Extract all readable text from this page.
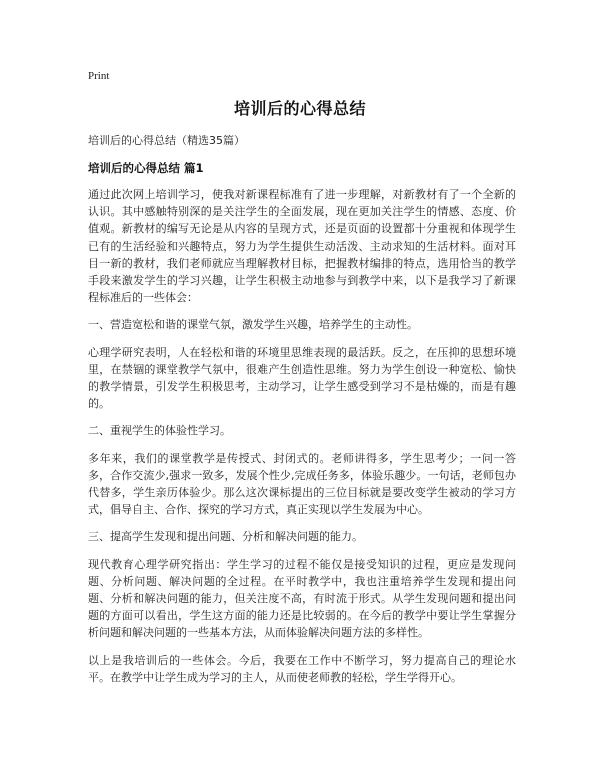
Print
培训后的心得总结

培训后的心得总结（精选35篇）

培训后的心得总结 篇1

通过此次网上培训学习，使我对新课程标准有了进一步理解，对新教材有了一个全新的认识。其中感触特别深的是关注学生的全面发展，现在更加关注学生的情感、态度、价值观。新教材的编写无论是从内容的呈现方式，还是页面的设置都十分重视和体现学生已有的生活经验和兴趣特点，努力为学生提供生动活泼、主动求知的生活材料。面对耳目一新的教材，我们老师就应当理解教材目标，把握教材编排的特点，选用恰当的教学手段来激发学生的学习兴趣，让学生积极主动地参与到教学中来，以下是我学习了新课程标准后的一些体会：

一、营造宽松和谐的课堂气氛，激发学生兴趣，培养学生的主动性。

心理学研究表明，人在轻松和谐的环境里思维表现的最活跃。反之，在压抑的思想环境里，在禁锢的课堂教学气氛中，很难产生创造性思维。努力为学生创设一种宽松、愉快的教学情景，引发学生积极思考，主动学习，让学生感受到学习不是枯燥的，而是有趣的。

二、重视学生的体验性学习。

多年来，我们的课堂教学是传授式、封闭式的。老师讲得多，学生思考少；一问一答多，合作交流少,强求一致多，发展个性少,完成任务多，体验乐趣少。一句话，老师包办代替多，学生亲历体验少。那么这次课标提出的三位目标就是要改变学生被动的学习方式，倡导自主、合作、探究的学习方式，真正实现以学生发展为中心。

三、提高学生发现和提出问题、分析和解决问题的能力。

现代教育心理学研究指出：学生学习的过程不能仅是接受知识的过程，更应是发现问题、分析问题、解决问题的全过程。在平时教学中，我也注重培养学生发现和提出问题、分析和解决问题的能力，但关注度不高，有时流于形式。从学生发现问题和提出问题的方面可以看出，学生这方面的能力还是比较弱的。在今后的教学中要让学生掌握分析问题和解决问题的一些基本方法，从而体验解决问题方法的多样性。

以上是我培训后的一些体会。今后，我要在工作中不断学习，努力提高自己的理论水平。在教学中让学生成为学习的主人，从而使老师教的轻松，学生学得开心。
